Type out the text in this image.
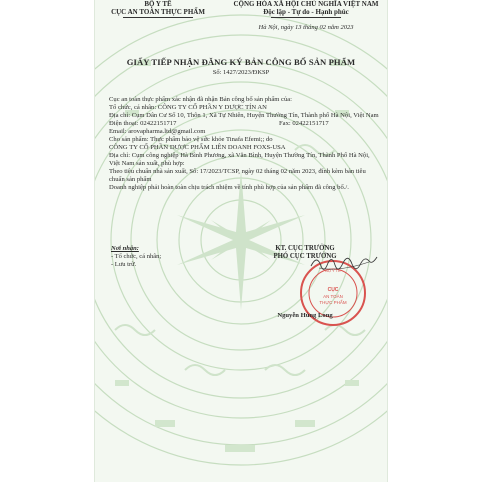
BỘ Y TẾ
CỤC AN TOÀN THỰC PHẨM
CỘNG HÒA XÃ HỘI CHỦ NGHĨA VIỆT NAM
Độc lập - Tự do - Hạnh phúc
Hà Nội, ngày 13 tháng 02 năm 2023
GIẤY TIẾP NHẬN ĐĂNG KÝ BẢN CÔNG BỐ SẢN PHẨM
Số: 1427/2023/ĐKSP

Cục an toàn thực phẩm xác nhận đã nhận Bản công bố sản phẩm của:

Tổ chức, cá nhân: CÔNG TY CỔ PHẦN Y DƯỢC TÍN AN

Địa chỉ: Cụm Dân Cư Số 10, Thôn 1, Xã Tự Nhiên, Huyện Thường Tín, Thành phố Hà Nội, Việt Nam

Điện thoại: 02422151717	Fax: 02422151717

Email: arovapharma.ltd@gmail.com

Cho sản phẩm: Thực phẩm bảo vệ sức khỏe Tinafa Efemi;; do

CÔNG TY CỔ PHẦN DƯỢC PHẨM LIÊN DOANH FOXS-USA

Địa chỉ: Cụm công nghiệp Hà Bình Phương, xã Văn Bình, Huyện Thường Tín, Thành Phố Hà Nội, Việt Nam sản xuất, phù hợp:

Theo tiêu chuẩn nhà sản xuất, Số: 17/2023/TCSP, ngày 02 tháng 02 năm 2023, đính kèm bản tiêu chuẩn sản phẩm

Doanh nghiệp phải hoàn toàn chịu trách nhiệm về tính phù hợp của sản phẩm đã công bố./.

Nơi nhận:
- Tổ chức, cá nhân;
- Lưu trữ.
KT. CỤC TRƯỞNG
PHÓ CỤC TRƯỞNG
CỤC
AN TOÀN
THỰC PHẨM
BỘ Y TẾ
Nguyễn Hùng Long
